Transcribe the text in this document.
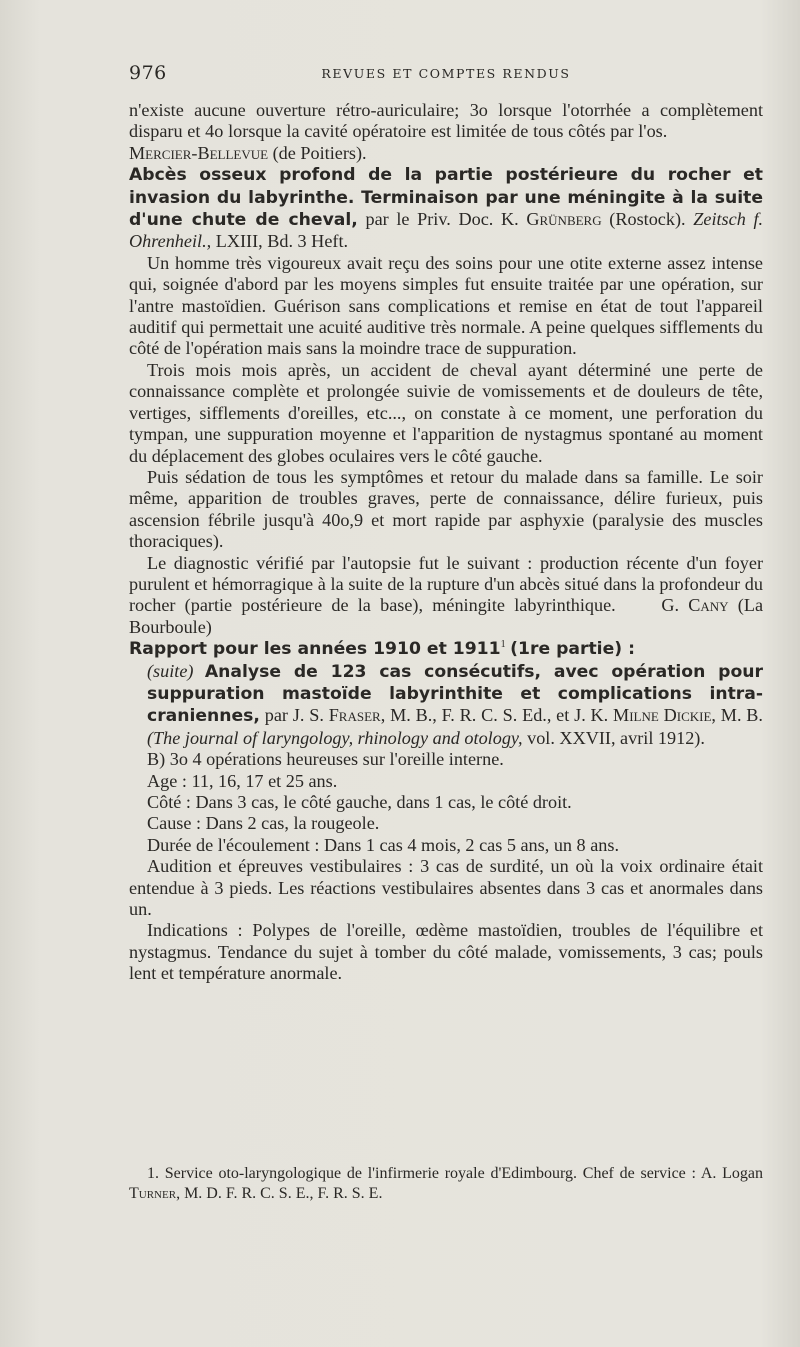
976	REVUES ET COMPTES RENDUS

n'existe aucune ouverture rétro-auriculaire; 3o lorsque l'otorrhée a complètement disparu et 4o lorsque la cavité opératoire est limitée de tous côtés par l'os.      Mercier-Bellevue (de Poitiers).

Abcès osseux profond de la partie postérieure du rocher et invasion du labyrinthe. Terminaison par une méningite à la suite d'une chute de cheval, par le Priv. Doc. K. Grünberg (Rostock). Zeitsch f. Ohrenheil., LXIII, Bd. 3 Heft.

Un homme très vigoureux avait reçu des soins pour une otite externe assez intense qui, soignée d'abord par les moyens simples fut ensuite traitée par une opération, sur l'antre mastoïdien. Guérison sans complications et remise en état de tout l'appareil auditif qui permettait une acuité auditive très normale. A peine quelques sifflements du côté de l'opération mais sans la moindre trace de suppuration.

Trois mois mois après, un accident de cheval ayant déterminé une perte de connaissance complète et prolongée suivie de vomissements et de douleurs de tête, vertiges, sifflements d'oreilles, etc..., on constate à ce moment, une perforation du tympan, une suppuration moyenne et l'apparition de nystagmus spontané au moment du déplacement des globes oculaires vers le côté gauche.

Puis sédation de tous les symptômes et retour du malade dans sa famille. Le soir même, apparition de troubles graves, perte de connaissance, délire furieux, puis ascension fébrile jusqu'à 40o,9 et mort rapide par asphyxie (paralysie des muscles thoraciques).

Le diagnostic vérifié par l'autopsie fut le suivant : production récente d'un foyer purulent et hémorragique à la suite de la rupture d'un abcès situé dans la profondeur du rocher (partie postérieure de la base), méningite labyrinthique.   	G. Cany (La Bourboule)

Rapport pour les années 1910 et 1911$^1$ (1re partie) :

(suite) Analyse de 123 cas consécutifs, avec opération pour suppuration mastoïde labyrinthite et complications intra-craniennes, par J. S. Fraser, M. B., F. R. C. S. Ed., et J. K. Milne Dickie, M. B. (The journal of laryngology, rhinology and otology, vol. XXVII, avril 1912).

B) 3o 4 opérations heureuses sur l'oreille interne.

Age : 11, 16, 17 et 25 ans.

Côté : Dans 3 cas, le côté gauche, dans 1 cas, le côté droit.

Cause : Dans 2 cas, la rougeole.

Durée de l'écoulement : Dans 1 cas 4 mois, 2 cas 5 ans, un 8 ans.

Audition et épreuves vestibulaires : 3 cas de surdité, un où la voix ordinaire était entendue à 3 pieds. Les réactions vestibulaires absentes dans 3 cas et anormales dans un.

Indications : Polypes de l'oreille, œdème mastoïdien, troubles de l'équilibre et nystagmus. Tendance du sujet à tomber du côté malade, vomissements, 3 cas; pouls lent et température anormale.

1. Service oto-laryngologique de l'infirmerie royale d'Edimbourg. Chef de service : A. Logan Turner, M. D. F. R. C. S. E., F. R. S. E.
